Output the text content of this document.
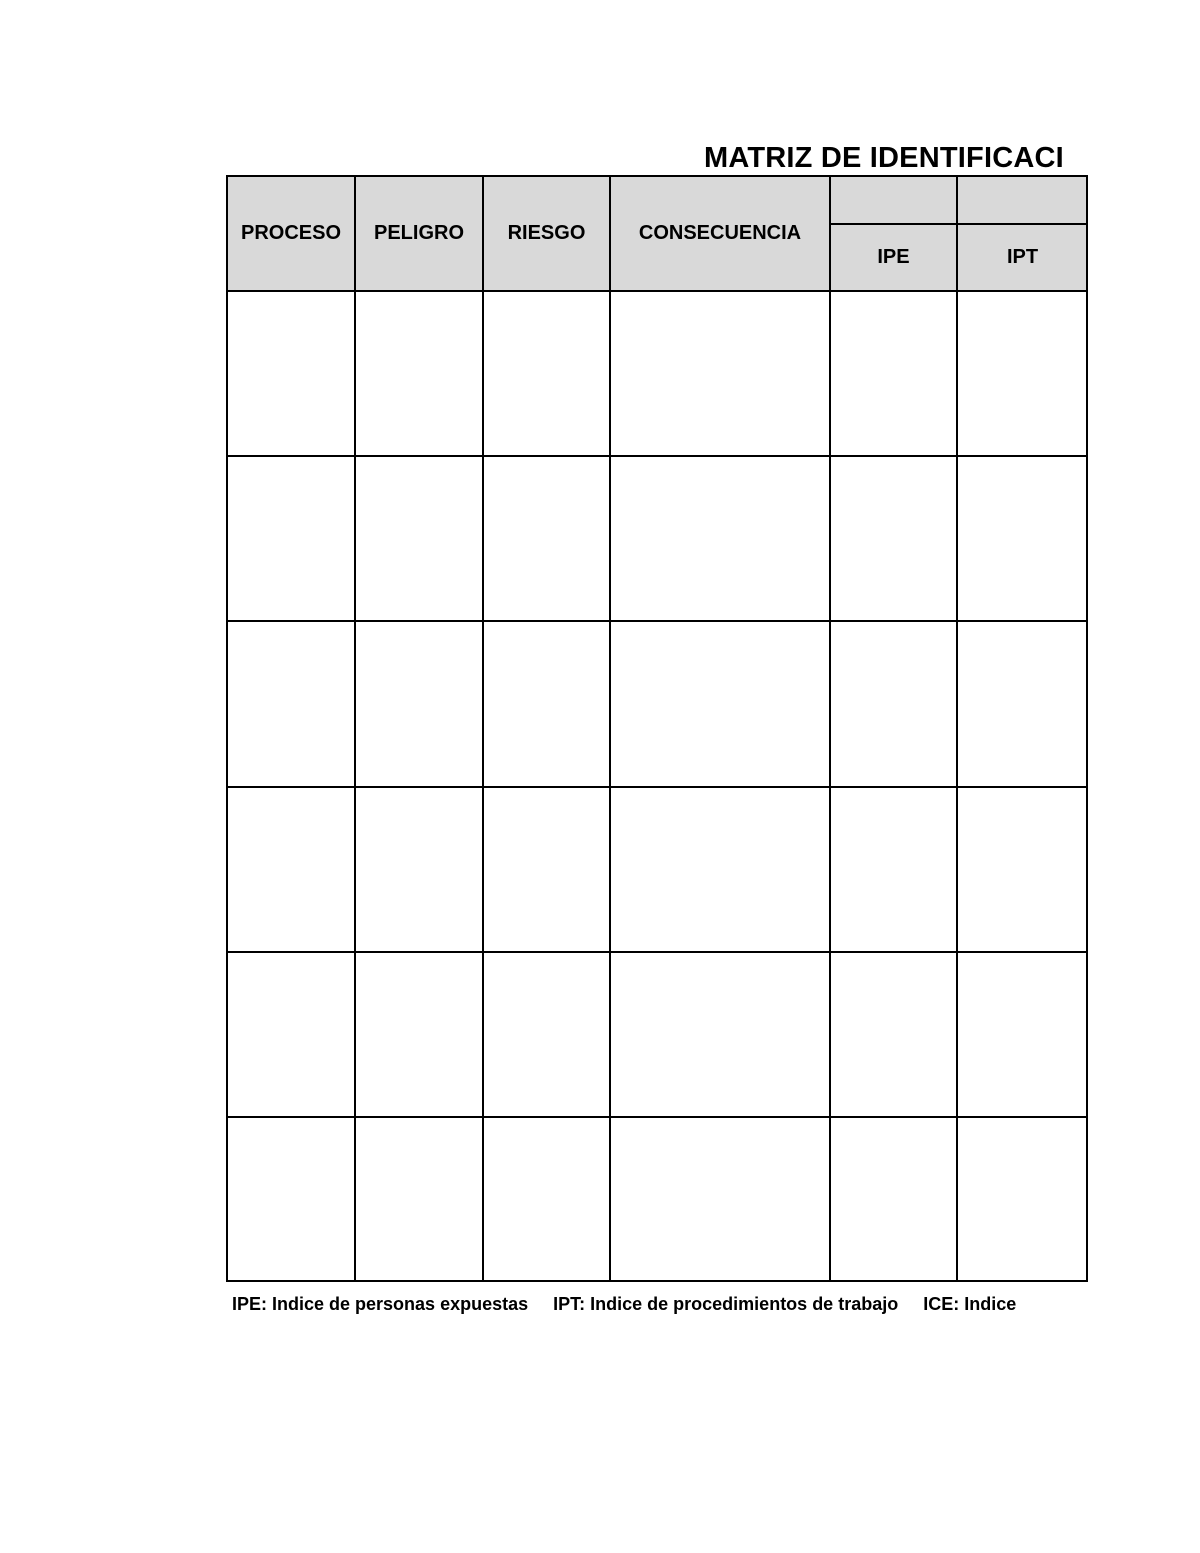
MATRIZ DE IDENTIFICACI
PROCESO PELIGRO RIESGO	CONSECUENCIA
IPE	IPT
IPE: Indice de personas expuestas IPT: Indice de procedimientos de trabajo ICE: Indice
